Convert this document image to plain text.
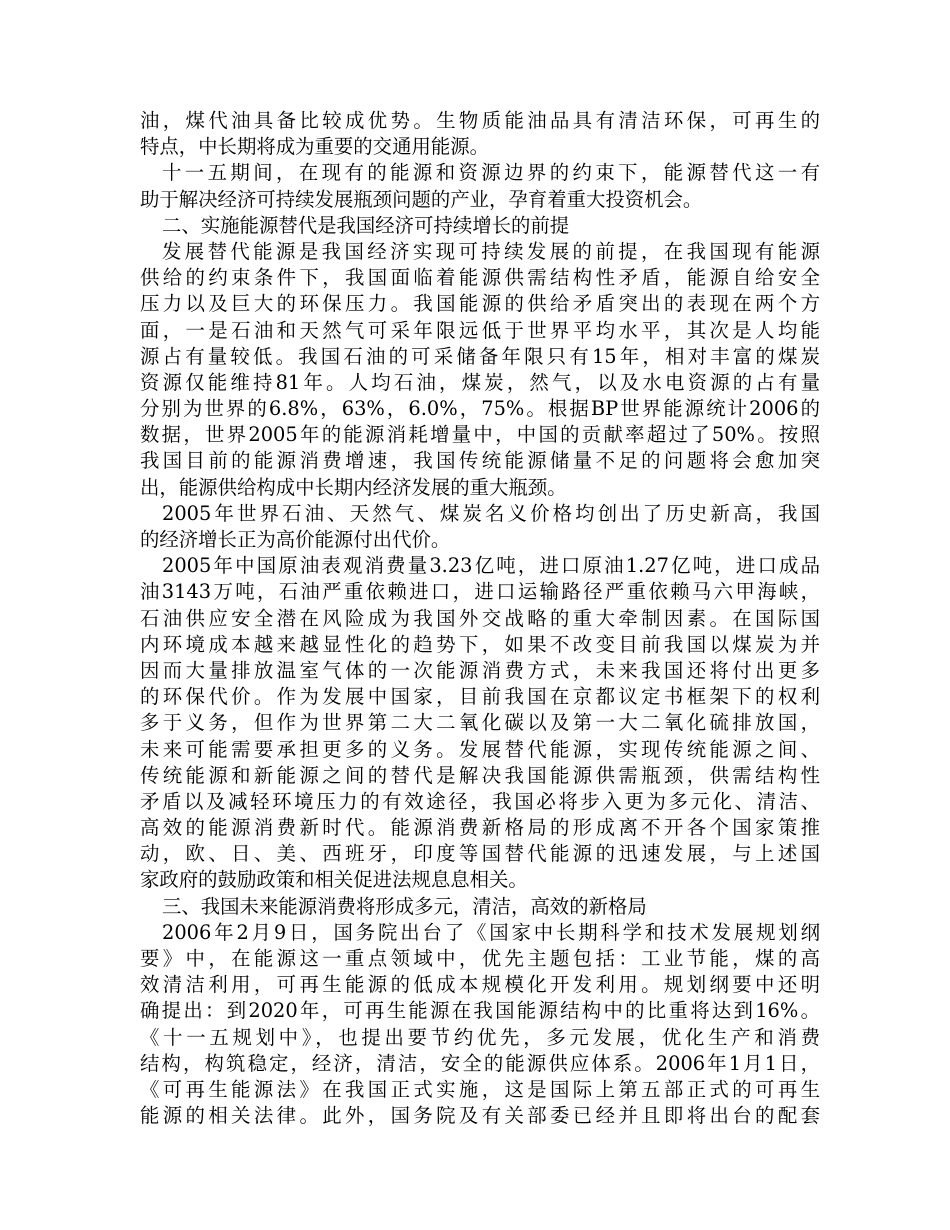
油，煤代油具备比较成优势。生物质能油品具有清洁环保，可再生的
特点，中长期将成为重要的交通用能源。
十一五期间，在现有的能源和资源边界的约束下，能源替代这一有
助于解决经济可持续发展瓶颈问题的产业，孕育着重大投资机会。
二、实施能源替代是我国经济可持续增长的前提
发展替代能源是我国经济实现可持续发展的前提，在我国现有能源
供给的约束条件下，我国面临着能源供需结构性矛盾，能源自给安全
压力以及巨大的环保压力。我国能源的供给矛盾突出的表现在两个方
面，一是石油和天然气可采年限远低于世界平均水平，其次是人均能
源占有量较低。我国石油的可采储备年限只有15年，相对丰富的煤炭
资源仅能维持81年。人均石油，煤炭，然气，以及水电资源的占有量
分别为世界的6.8%，63%，6.0%，75%。根据BP世界能源统计2006的
数据，世界2005年的能源消耗增量中，中国的贡献率超过了50%。按照
我国目前的能源消费增速，我国传统能源储量不足的问题将会愈加突
出，能源供给构成中长期内经济发展的重大瓶颈。
2005年世界石油、天然气、煤炭名义价格均创出了历史新高，我国
的经济增长正为高价能源付出代价。
2005年中国原油表观消费量3.23亿吨，进口原油1.27亿吨，进口成品
油3143万吨，石油严重依赖进口，进口运输路径严重依赖马六甲海峡，
石油供应安全潜在风险成为我国外交战略的重大牵制因素。在国际国
内环境成本越来越显性化的趋势下，如果不改变目前我国以煤炭为并
因而大量排放温室气体的一次能源消费方式，未来我国还将付出更多
的环保代价。作为发展中国家，目前我国在京都议定书框架下的权利
多于义务，但作为世界第二大二氧化碳以及第一大二氧化硫排放国，
未来可能需要承担更多的义务。发展替代能源，实现传统能源之间、
传统能源和新能源之间的替代是解决我国能源供需瓶颈，供需结构性
矛盾以及减轻环境压力的有效途径，我国必将步入更为多元化、清洁、
高效的能源消费新时代。能源消费新格局的形成离不开各个国家策推
动，欧、日、美、西班牙，印度等国替代能源的迅速发展，与上述国
家政府的鼓励政策和相关促进法规息息相关。
三、我国未来能源消费将形成多元，清洁，高效的新格局
2006年2月9日，国务院出台了《国家中长期科学和技术发展规划纲
要》中，在能源这一重点领域中，优先主题包括：工业节能，煤的高
效清洁利用，可再生能源的低成本规模化开发利用。规划纲要中还明
确提出：到2020年，可再生能源在我国能源结构中的比重将达到16%。
《十一五规划中》，也提出要节约优先，多元发展，优化生产和消费
结构，构筑稳定，经济，清洁，安全的能源供应体系。2006年1月1日，
《可再生能源法》在我国正式实施，这是国际上第五部正式的可再生
能源的相关法律。此外，国务院及有关部委已经并且即将出台的配套
